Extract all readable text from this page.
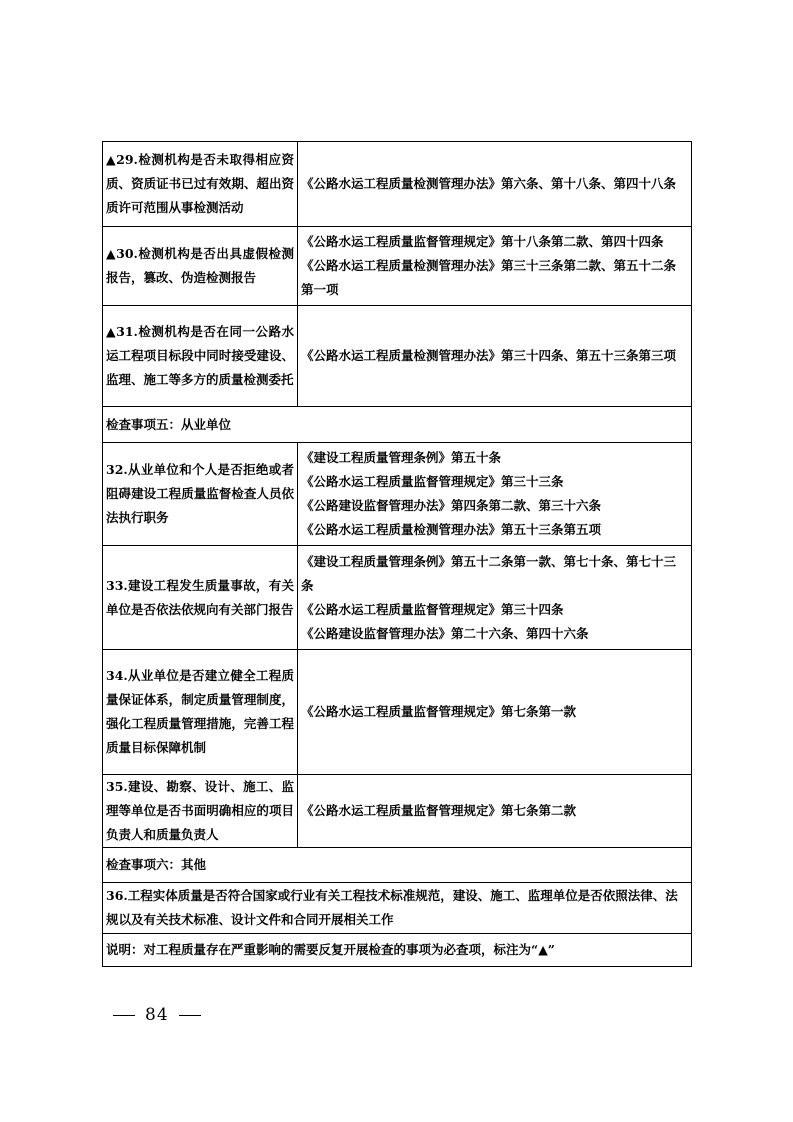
▲29.检测机构是否未取得相应资质、资质证书已过有效期、超出资质许可范围从事检测活动	《公路水运工程质量检测管理办法》第六条、第十八条、第四十八条

▲30.检测机构是否出具虚假检测报告，篡改、伪造检测报告	《公路水运工程质量监督管理规定》第十八条第二款、第四十四条
《公路水运工程质量检测管理办法》第三十三条第二款、第五十二条第一项

▲31.检测机构是否在同一公路水运工程项目标段中同时接受建设、监理、施工等多方的质量检测委托	《公路水运工程质量检测管理办法》第三十四条、第五十三条第三项

检查事项五：从业单位	
32.从业单位和个人是否拒绝或者阻碍建设工程质量监督检查人员依法执行职务	《建设工程质量管理条例》第五十条
《公路水运工程质量监督管理规定》第三十三条
《公路建设监督管理办法》第四条第二款、第三十六条
《公路水运工程质量检测管理办法》第五十三条第五项

33.建设工程发生质量事故，有关单位是否依法依规向有关部门报告	《建设工程质量管理条例》第五十二条第一款、第七十条、第七十三条
《公路水运工程质量监督管理规定》第三十四条
《公路建设监督管理办法》第二十六条、第四十六条

34.从业单位是否建立健全工程质量保证体系，制定质量管理制度，强化工程质量管理措施，完善工程质量目标保障机制	《公路水运工程质量监督管理规定》第七条第一款

35.建设、勘察、设计、施工、监理等单位是否书面明确相应的项目负责人和质量负责人	《公路水运工程质量监督管理规定》第七条第二款

检查事项六：其他	
36.工程实体质量是否符合国家或行业有关工程技术标准规范，建设、施工、监理单位是否依照法律、法规以及有关技术标准、设计文件和合同开展相关工作	
说明：对工程质量存在严重影响的需要反复开展检查的事项为必查项，标注为“▲”	
84
